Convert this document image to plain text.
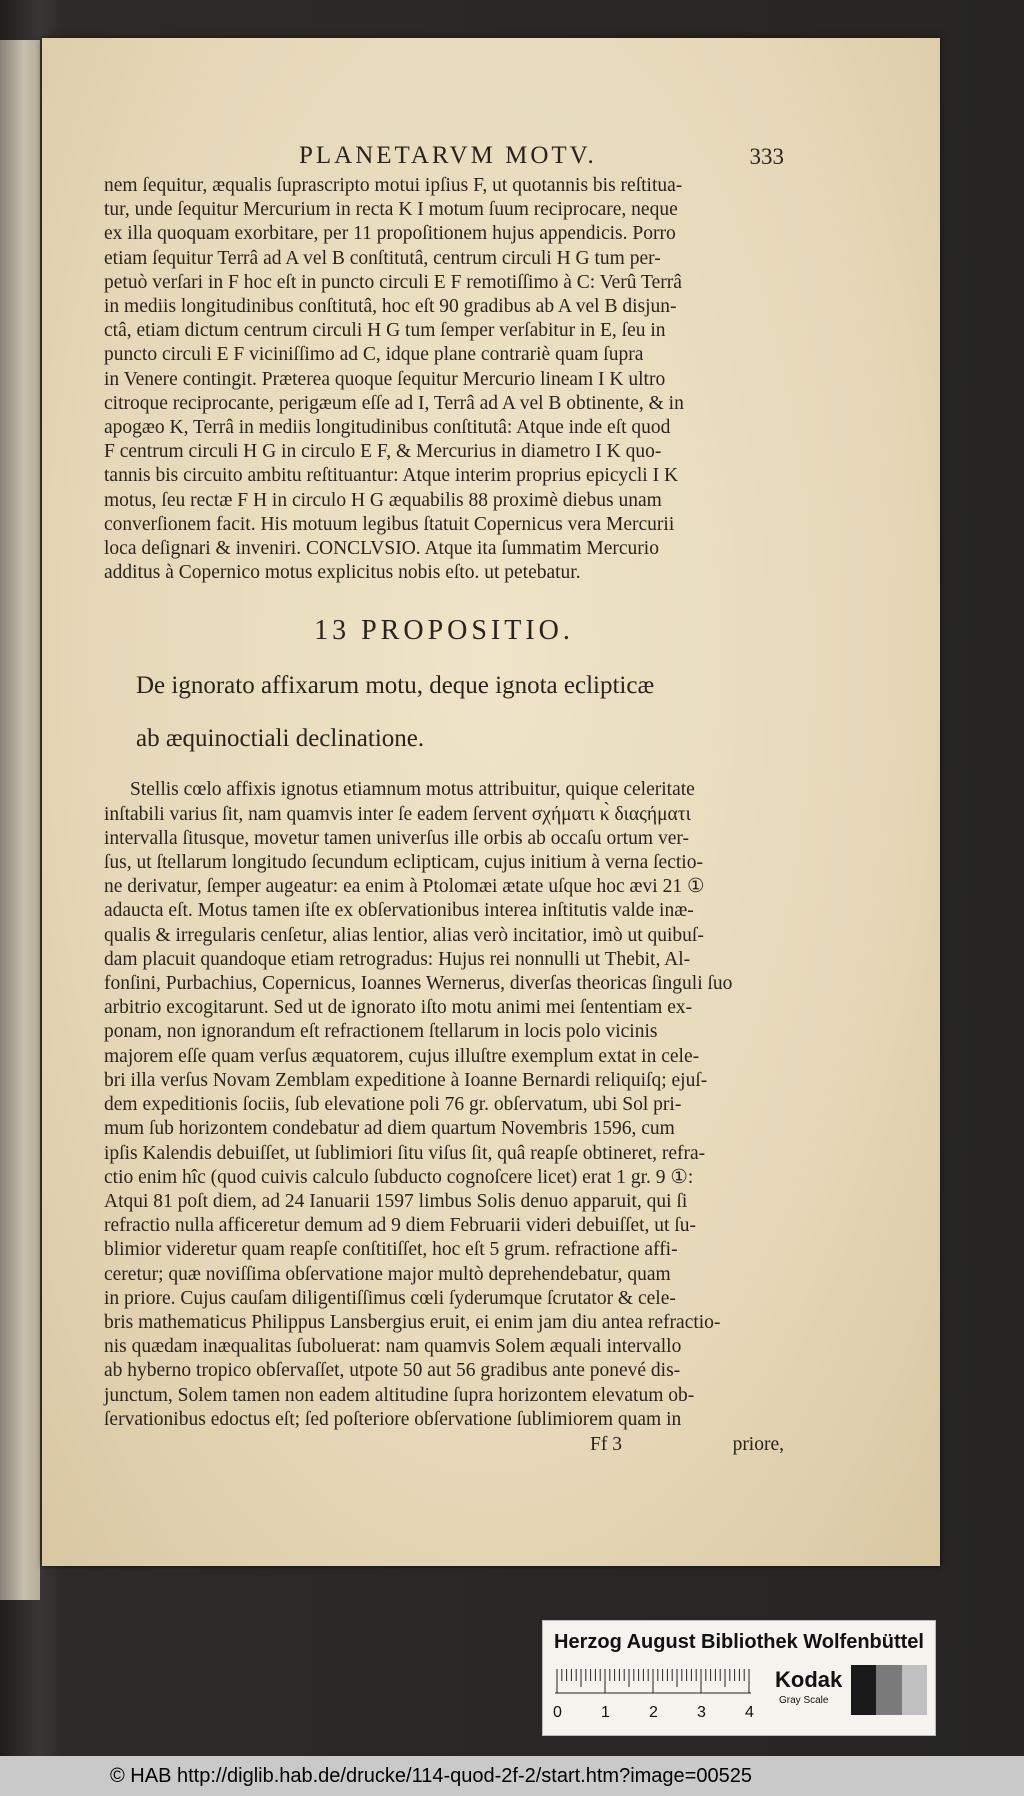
PLANETARVM MOTV.	333

nem ſequitur, æqualis ſuprascripto motui ipſius F, ut quotannis bis reſtitua-

tur, unde ſequitur Mercurium in recta K I motum ſuum reciprocare, neque

ex illa quoquam exorbitare, per 11 propoſitionem hujus appendicis. Porro

etiam ſequitur Terrâ ad A vel B conſtitutâ, centrum circuli H G tum per-

petuò verſari in F hoc eſt in puncto circuli E F remotiſſimo à C: Verû Terrâ

in mediis longitudinibus conſtitutâ, hoc eſt 90 gradibus ab A vel B disjun-

ctâ, etiam dictum centrum circuli H G tum ſemper verſabitur in E, ſeu in

puncto circuli E F viciniſſimo ad C, idque plane contrariè quam ſupra

in Venere contingit. Præterea quoque ſequitur Mercurio lineam I K ultro

citroque reciprocante, perigæum eſſe ad I, Terrâ ad A vel B obtinente, & in

apogæo K, Terrâ in mediis longitudinibus conſtitutâ: Atque inde eſt quod

F centrum circuli H G in circulo E F, & Mercurius in diametro I K quo-

tannis bis circuito ambitu reſtituantur: Atque interim proprius epicycli I K

motus, ſeu rectæ F H in circulo H G æquabilis 88 proximè diebus unam

converſionem facit. His motuum legibus ſtatuit Copernicus vera Mercurii

loca deſignari & inveniri. CONCLVSIO. Atque ita ſummatim Mercurio

additus à Copernico motus explicitus nobis eſto. ut petebatur.

13 PROPOSITIO.

De ignorato affixarum motu, deque ignota eclipticæ

ab æquinoctiali declinatione.

Stellis cœlo affixis ignotus etiamnum motus attribuitur, quique celeritate

inſtabili varius ſit, nam quamvis inter ſe eadem ſervent σχήματι κ̀ διαςήματι

intervalla ſitusque, movetur tamen univerſus ille orbis ab occaſu ortum ver-

ſus, ut ſtellarum longitudo ſecundum eclipticam, cujus initium à verna ſectio-

ne derivatur, ſemper augeatur: ea enim à Ptolomæi ætate uſque hoc ævi 21 ①

adaucta eſt. Motus tamen iſte ex obſervationibus interea inſtitutis valde inæ-

qualis & irregularis cenſetur, alias lentior, alias verò incitatior, imò ut quibuſ-

dam placuit quandoque etiam retrogradus: Hujus rei nonnulli ut Thebit, Al-

fonſini, Purbachius, Copernicus, Ioannes Wernerus, diverſas theoricas ſinguli ſuo

arbitrio excogitarunt. Sed ut de ignorato iſto motu animi mei ſententiam ex-

ponam, non ignorandum eſt refractionem ſtellarum in locis polo vicinis

majorem eſſe quam verſus æquatorem, cujus illuſtre exemplum extat in cele-

bri illa verſus Novam Zemblam expeditione à Ioanne Bernardi reliquiſq; ejuſ-

dem expeditionis ſociis, ſub elevatione poli 76 gr. obſervatum, ubi Sol pri-

mum ſub horizontem condebatur ad diem quartum Novembris 1596, cum

ipſis Kalendis debuiſſet, ut ſublimiori ſitu viſus ſit, quâ reapſe obtineret, refra-

ctio enim hîc (quod cuivis calculo ſubducto cognoſcere licet) erat 1 gr. 9 ①:

Atqui 81 poſt diem, ad 24 Ianuarii 1597 limbus Solis denuo apparuit, qui ſi

refractio nulla afficeretur demum ad 9 diem Februarii videri debuiſſet, ut ſu-

blimior videretur quam reapſe conſtitiſſet, hoc eſt 5 grum. refractione affi-

ceretur; quæ noviſſima obſervatione major multò deprehendebatur, quam

in priore. Cujus cauſam diligentiſſimus cœli ſyderumque ſcrutator & cele-

bris mathematicus Philippus Lansbergius eruit, ei enim jam diu antea refractio-

nis quædam inæqualitas ſuboluerat: nam quamvis Solem æquali intervallo

ab hyberno tropico obſervaſſet, utpote 50 aut 56 gradibus ante ponevé dis-

junctum, Solem tamen non eadem altitudine ſupra horizontem elevatum ob-

ſervationibus edoctus eſt; ſed poſteriore obſervatione ſublimiorem quam in

Ff 3	priore,
Herzog August Bibliothek Wolfenbüttel
0 1 2 3 4
Kodak
Gray Scale
© HAB http://diglib.hab.de/drucke/114-quod-2f-2/start.htm?image=00525
